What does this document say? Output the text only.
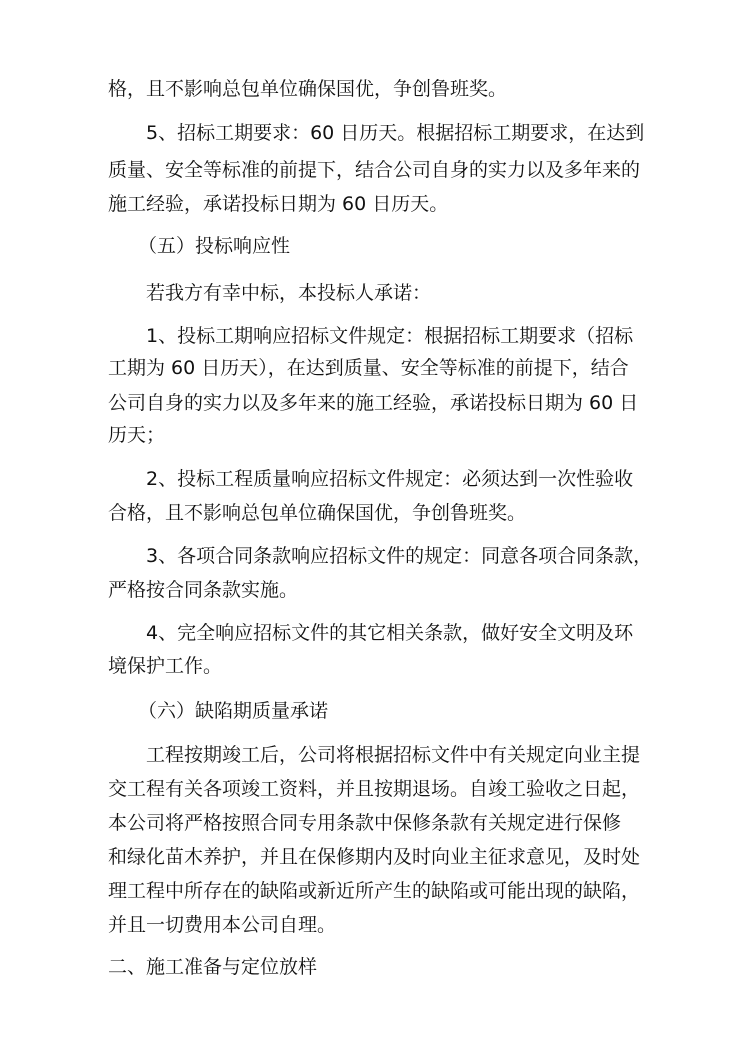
格，且不影响总包单位确保国优，争创鲁班奖。
5、招标工期要求：60 日历天。根据招标工期要求，在达到
质量、安全等标准的前提下，结合公司自身的实力以及多年来的
施工经验，承诺投标日期为 60 日历天。
（五）投标响应性
若我方有幸中标，本投标人承诺：
1、投标工期响应招标文件规定：根据招标工期要求（招标
工期为 60 日历天），在达到质量、安全等标准的前提下，结合
公司自身的实力以及多年来的施工经验，承诺投标日期为 60 日
历天；
2、投标工程质量响应招标文件规定：必须达到一次性验收
合格，且不影响总包单位确保国优，争创鲁班奖。
3、各项合同条款响应招标文件的规定：同意各项合同条款，
严格按合同条款实施。
4、完全响应招标文件的其它相关条款，做好安全文明及环
境保护工作。
（六）缺陷期质量承诺
工程按期竣工后，公司将根据招标文件中有关规定向业主提
交工程有关各项竣工资料，并且按期退场。自竣工验收之日起，
本公司将严格按照合同专用条款中保修条款有关规定进行保修
和绿化苗木养护，并且在保修期内及时向业主征求意见，及时处
理工程中所存在的缺陷或新近所产生的缺陷或可能出现的缺陷，
并且一切费用本公司自理。
二、施工准备与定位放样
